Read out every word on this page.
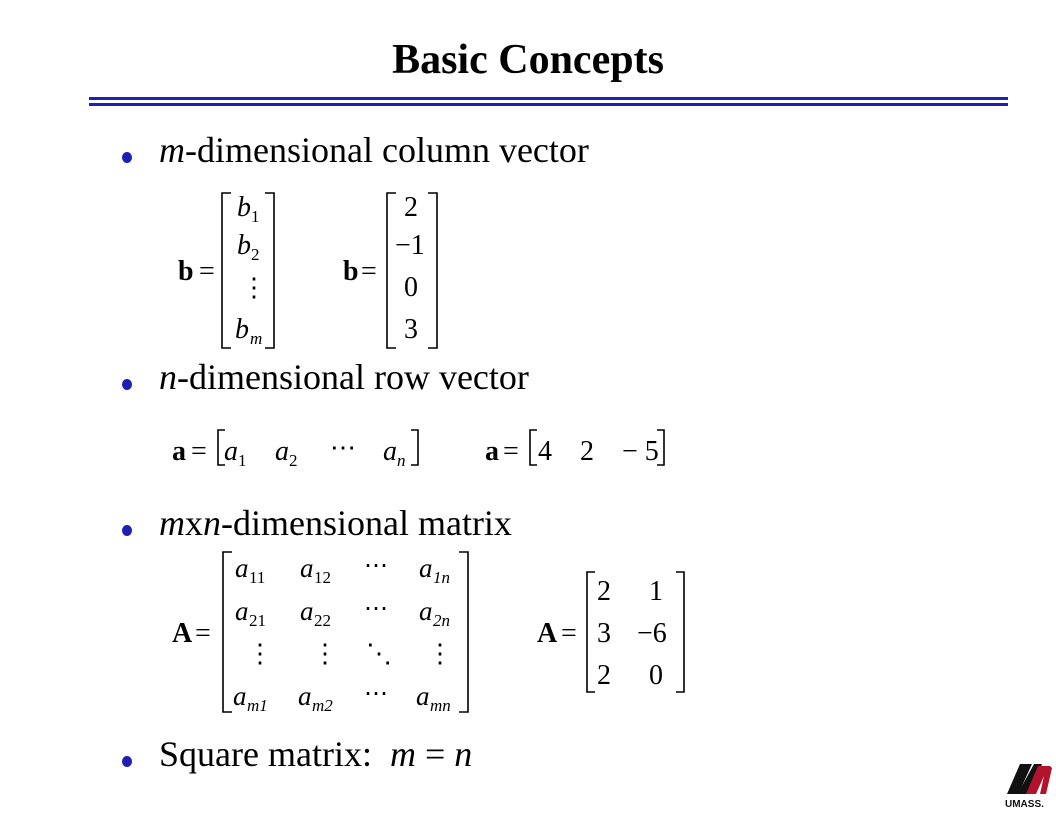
Basic Concepts
m-dimensional column vector
n-dimensional row vector
mxn-dimensional matrix
Square matrix:  m = n
b =
b 1
b 2
⋮
b m
b =
2
−1
0
3
a = a 1 a 2 ⋯ a n	a = 4 2 − 5
A =
a 11 a 12 ⋯ a 1n
a 21 a 22 ⋯ a 2n
⋮ ⋮ ⋱ ⋮
a m1 a m2 ⋯ a mn
A =
2 1
3 −6
2 0
UMASS.
